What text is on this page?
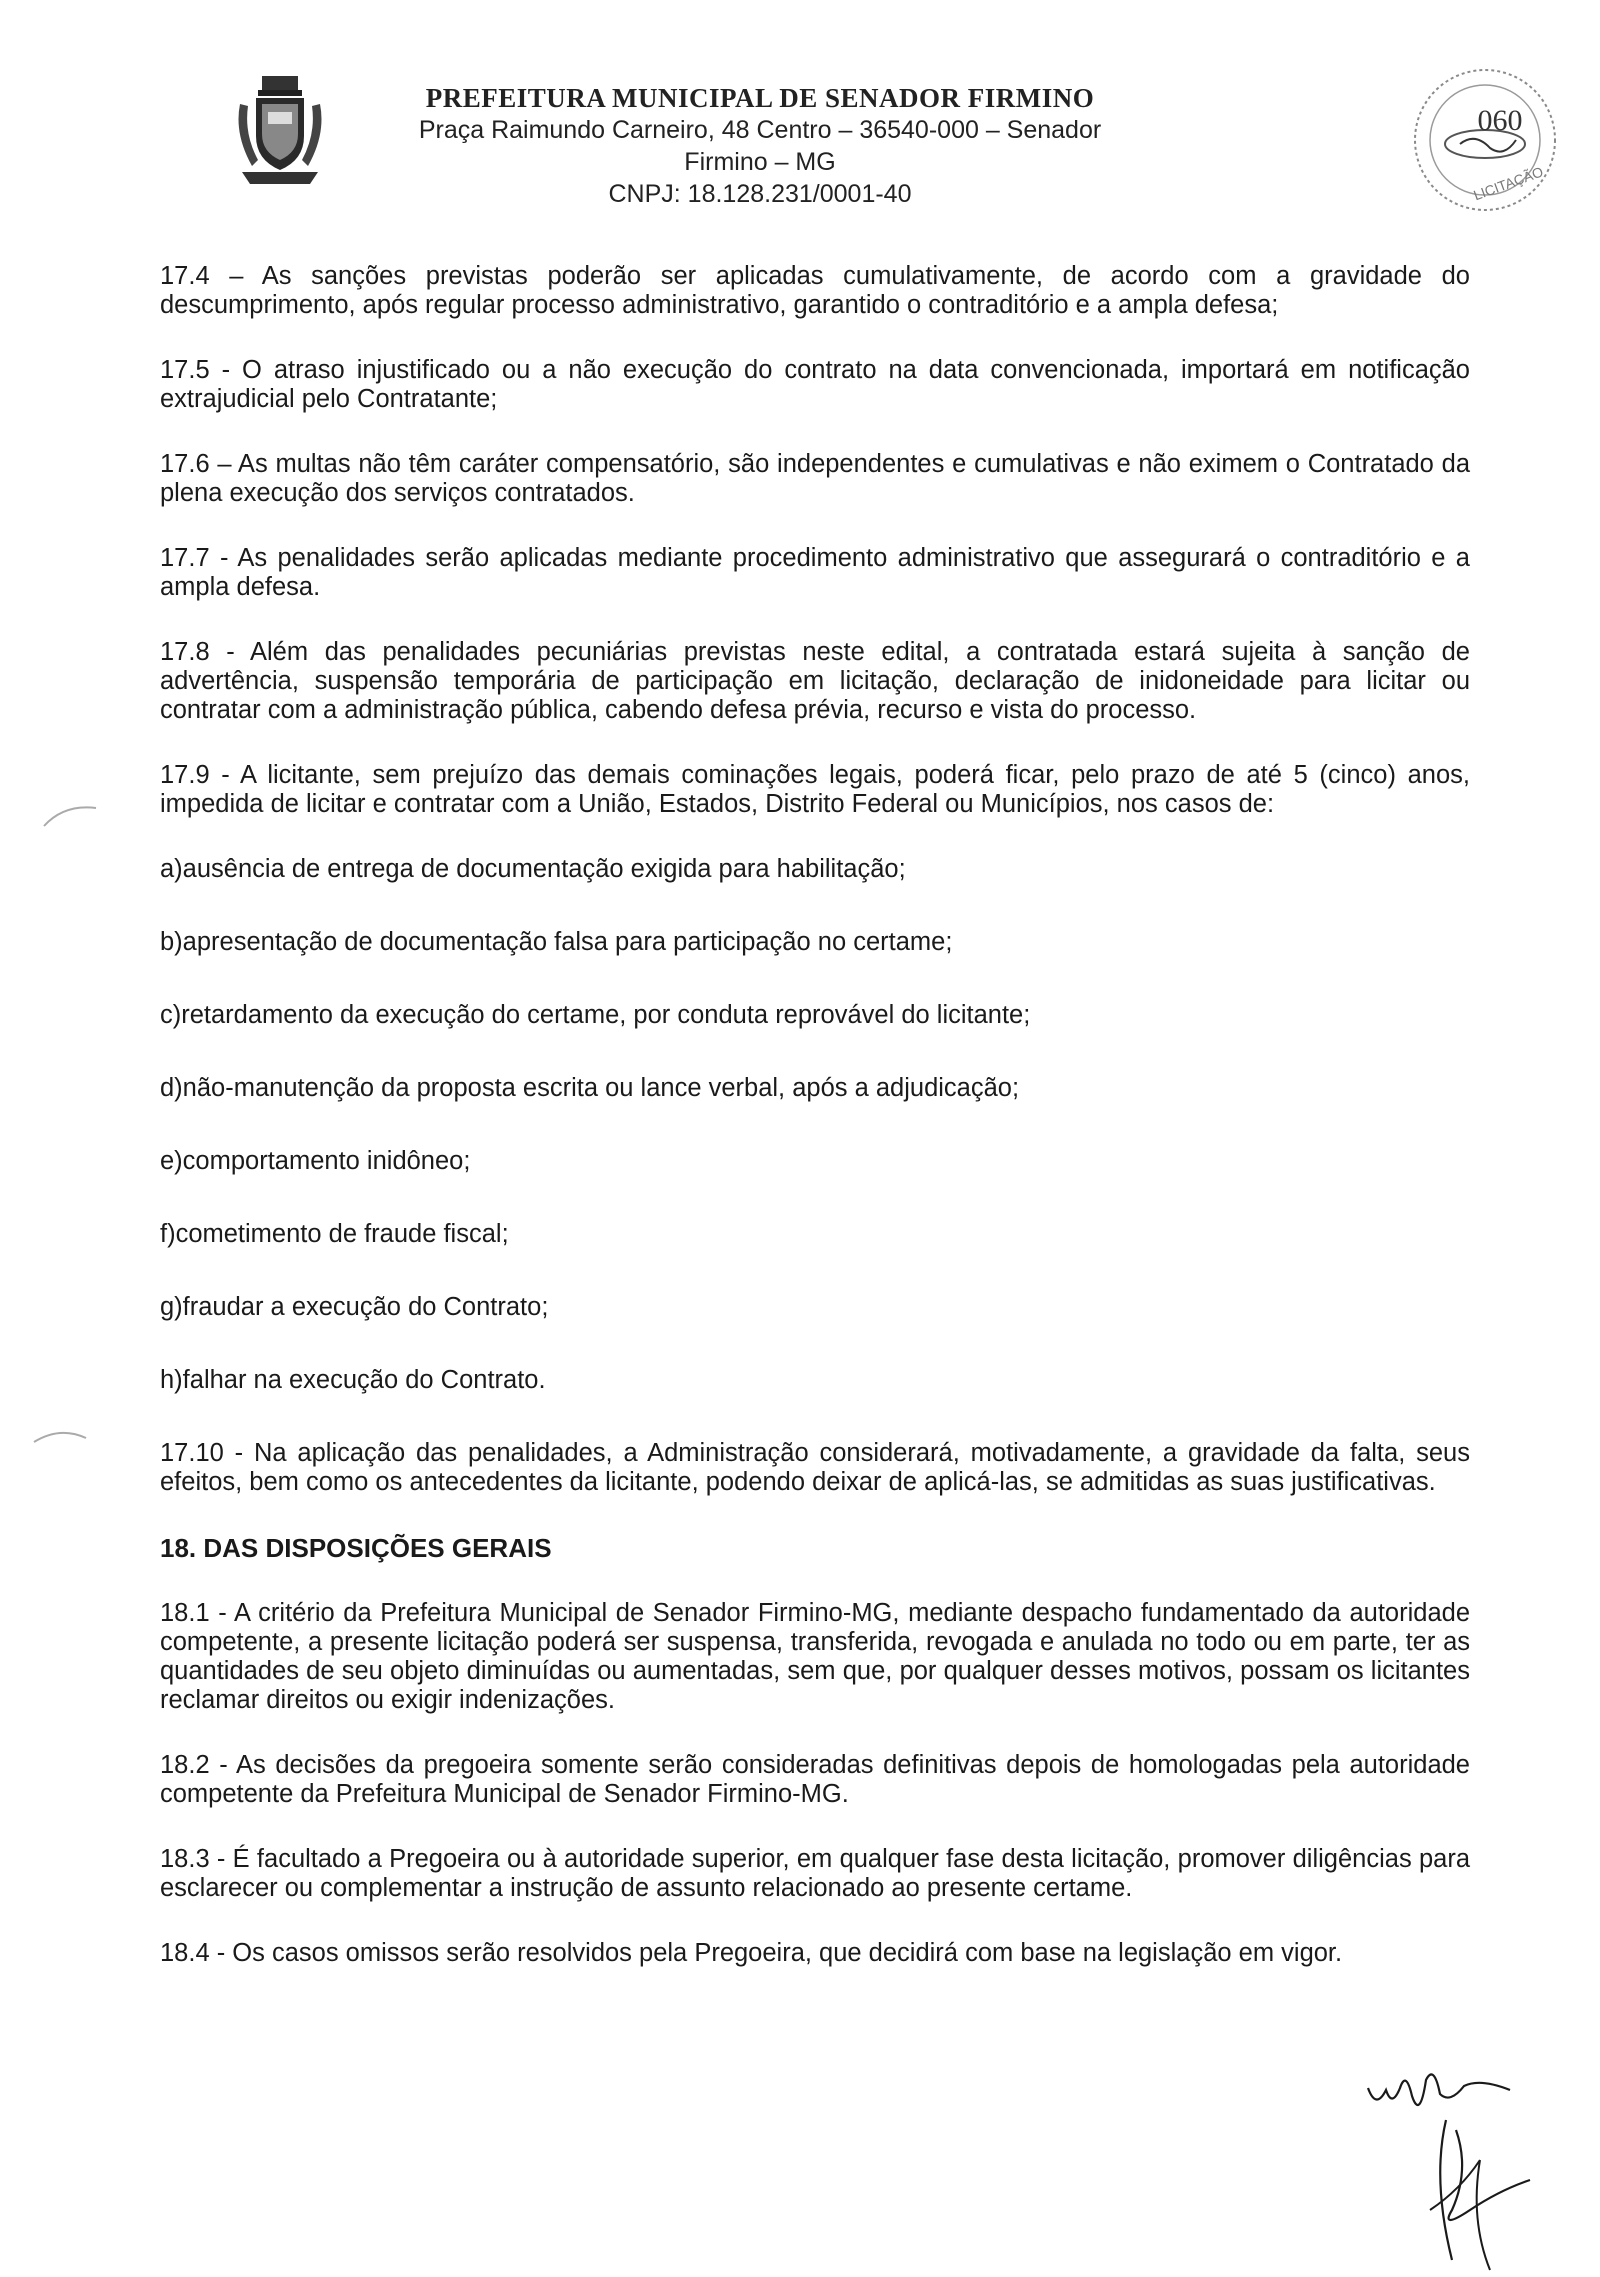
PREFEITURA MUNICIPAL DE SENADOR FIRMINO
Praça Raimundo Carneiro, 48 Centro – 36540-000 – Senador Firmino – MG
CNPJ: 18.128.231/0001-40
060
LICITAÇÃO

17.4 – As sanções previstas poderão ser aplicadas cumulativamente, de acordo com a gravidade do descumprimento, após regular processo administrativo, garantido o contraditório e a ampla defesa;

17.5 - O atraso injustificado ou a não execução do contrato na data convencionada, importará em notificação extrajudicial pelo Contratante;

17.6 – As multas não têm caráter compensatório, são independentes e cumulativas e não eximem o Contratado da plena execução dos serviços contratados.

17.7 - As penalidades serão aplicadas mediante procedimento administrativo que assegurará o contraditório e a ampla defesa.

17.8 - Além das penalidades pecuniárias previstas neste edital, a contratada estará sujeita à sanção de advertência, suspensão temporária de participação em licitação, declaração de inidoneidade para licitar ou contratar com a administração pública, cabendo defesa prévia, recurso e vista do processo.

17.9 - A licitante, sem prejuízo das demais cominações legais, poderá ficar, pelo prazo de até 5 (cinco) anos, impedida de licitar e contratar com a União, Estados, Distrito Federal ou Municípios, nos casos de:

a)ausência de entrega de documentação exigida para habilitação;

b)apresentação de documentação falsa para participação no certame;

c)retardamento da execução do certame, por conduta reprovável do licitante;

d)não-manutenção da proposta escrita ou lance verbal, após a adjudicação;

e)comportamento inidôneo;

f)cometimento de fraude fiscal;

g)fraudar a execução do Contrato;

h)falhar na execução do Contrato.

17.10 - Na aplicação das penalidades, a Administração considerará, motivadamente, a gravidade da falta, seus efeitos, bem como os antecedentes da licitante, podendo deixar de aplicá-las, se admitidas as suas justificativas.

18. DAS DISPOSIÇÕES GERAIS

18.1 - A critério da Prefeitura Municipal de Senador Firmino-MG, mediante despacho fundamentado da autoridade competente, a presente licitação poderá ser suspensa, transferida, revogada e anulada no todo ou em parte, ter as quantidades de seu objeto diminuídas ou aumentadas, sem que, por qualquer desses motivos, possam os licitantes reclamar direitos ou exigir indenizações.

18.2 - As decisões da pregoeira somente serão consideradas definitivas depois de homologadas pela autoridade competente da Prefeitura Municipal de Senador Firmino-MG.

18.3 - É facultado a Pregoeira ou à autoridade superior, em qualquer fase desta licitação, promover diligências para esclarecer ou complementar a instrução de assunto relacionado ao presente certame.

18.4 - Os casos omissos serão resolvidos pela Pregoeira, que decidirá com base na legislação em vigor.
